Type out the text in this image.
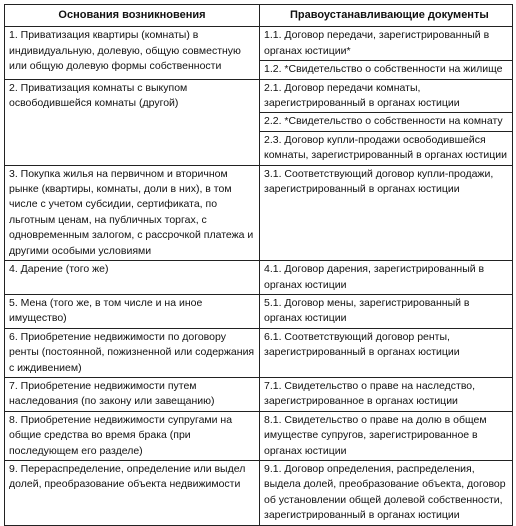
Основания возникновения	Правоустанавливающие документы
1. Приватизация квартиры (комнаты) в индивидуальную, долевую, общую совместную или общую долевую формы собственности	1.1. Договор передачи, зарегистрированный в органах юстиции*
	1.2. *Свидетельство о собственности на жилище
2. Приватизация комнаты с выкупом освободившейся комнаты (другой)	2.1. Договор передачи комнаты, зарегистрированный в органах юстиции
	2.2. *Свидетельство о собственности на комнату
	2.3. Договор купли-продажи освободившейся комнаты, зарегистрированный в органах юстиции
3. Покупка жилья на первичном и вторичном рынке (квартиры, комнаты, доли в них), в том числе с учетом субсидии, сертификата, по льготным ценам, на публичных торгах, с одновременным залогом, с рассрочкой платежа и другими особыми условиями	3.1. Соответствующий договор купли-продажи, зарегистрированный в органах юстиции
4. Дарение (того же)	4.1. Договор дарения, зарегистрированный в органах юстиции
5. Мена (того же, в том числе и на иное имущество)	5.1. Договор мены, зарегистрированный в органах юстиции
6. Приобретение недвижимости по договору ренты (постоянной, пожизненной или содержания с иждивением)	6.1. Соответствующий договор ренты, зарегистрированный в органах юстиции
7. Приобретение недвижимости путем наследования (по закону или завещанию)	7.1. Свидетельство о праве на наследство, зарегистрированное в органах юстиции
8. Приобретение недвижимости супругами на общие средства во время брака (при последующем его разделе)	8.1. Свидетельство о праве на долю в общем имуществе супругов, зарегистрированное в органах юстиции
9. Перераспределение, определение или выдел долей, преобразование объекта недвижимости	9.1. Договор определения, распределения, выдела долей, преобразование объекта, договор об установлении общей долевой собственности, зарегистрированный в органах юстиции
